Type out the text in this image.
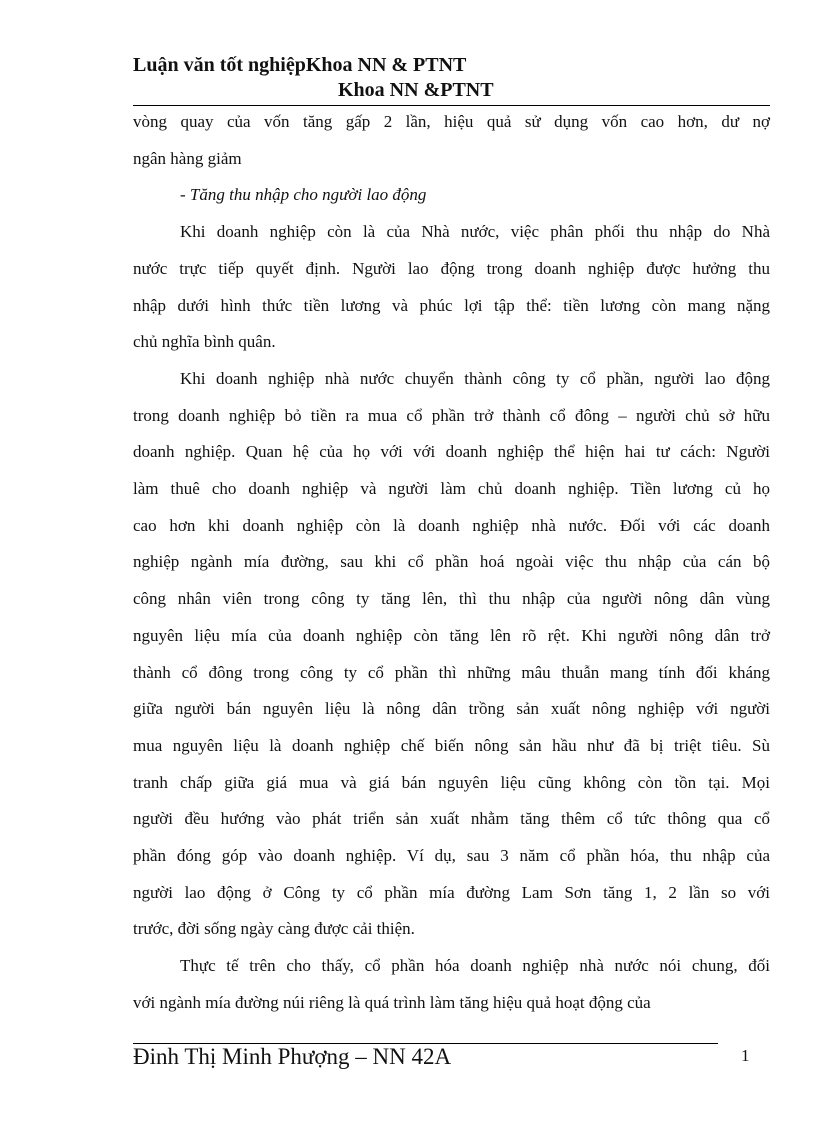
Luận văn tốt nghiệpKhoa NN & PTNT
Khoa NN &PTNT

vòng quay của vốn tăng gấp 2 lần, hiệu quả sử dụng vốn cao hơn, dư nợ

ngân hàng giảm

- Tăng thu nhập cho người lao động

Khi doanh nghiệp còn là của Nhà nước, việc phân phối thu nhập do Nhà

nước trực tiếp quyết định. Người lao động trong doanh nghiệp được hưởng thu

nhập dưới hình thức tiền lương và phúc lợi tập thể: tiền lương còn mang nặng

chủ nghĩa bình quân.

Khi doanh nghiệp nhà nước chuyển thành công ty cổ phần, người lao động

trong doanh nghiệp bỏ tiền ra mua cổ phần trở thành cổ đông – người chủ sở hữu

doanh nghiệp. Quan hệ của họ với với doanh nghiệp thể hiện hai tư cách: Người

làm thuê cho doanh nghiệp và người làm chủ doanh nghiệp. Tiền lương củ họ

cao hơn khi doanh nghiệp còn là doanh nghiệp nhà nước. Đối với các doanh

nghiệp ngành mía đường, sau khi cổ phần hoá ngoài việc thu nhập của cán bộ

công nhân viên trong công ty tăng lên, thì thu nhập của người nông dân vùng

nguyên liệu mía của doanh nghiệp còn tăng lên rõ rệt. Khi người nông dân trở

thành cổ đông trong công ty cổ phần thì những mâu thuẫn mang tính đối kháng

giữa người bán nguyên liệu là nông dân trồng sản xuất nông nghiệp với người

mua nguyên liệu là doanh nghiệp chế biến nông sản hầu như đã bị triệt tiêu. Sù

tranh chấp giữa giá mua và giá bán nguyên liệu cũng không còn tồn tại. Mọi

người đều hướng vào phát triển sản xuất nhằm tăng thêm cổ tức thông qua cổ

phần đóng góp vào doanh nghiệp. Ví dụ, sau 3 năm cổ phần hóa, thu nhập của

người lao động ở Công ty cổ phần mía đường Lam Sơn tăng 1, 2 lần so với

trước, đời sống ngày càng được cải thiện.

Thực tế trên cho thấy, cổ phần hóa doanh nghiệp nhà nước nói chung, đối

với ngành mía đường núi riêng là quá trình làm tăng hiệu quả hoạt động của

Đinh Thị Minh Phượng – NN 42A	1
